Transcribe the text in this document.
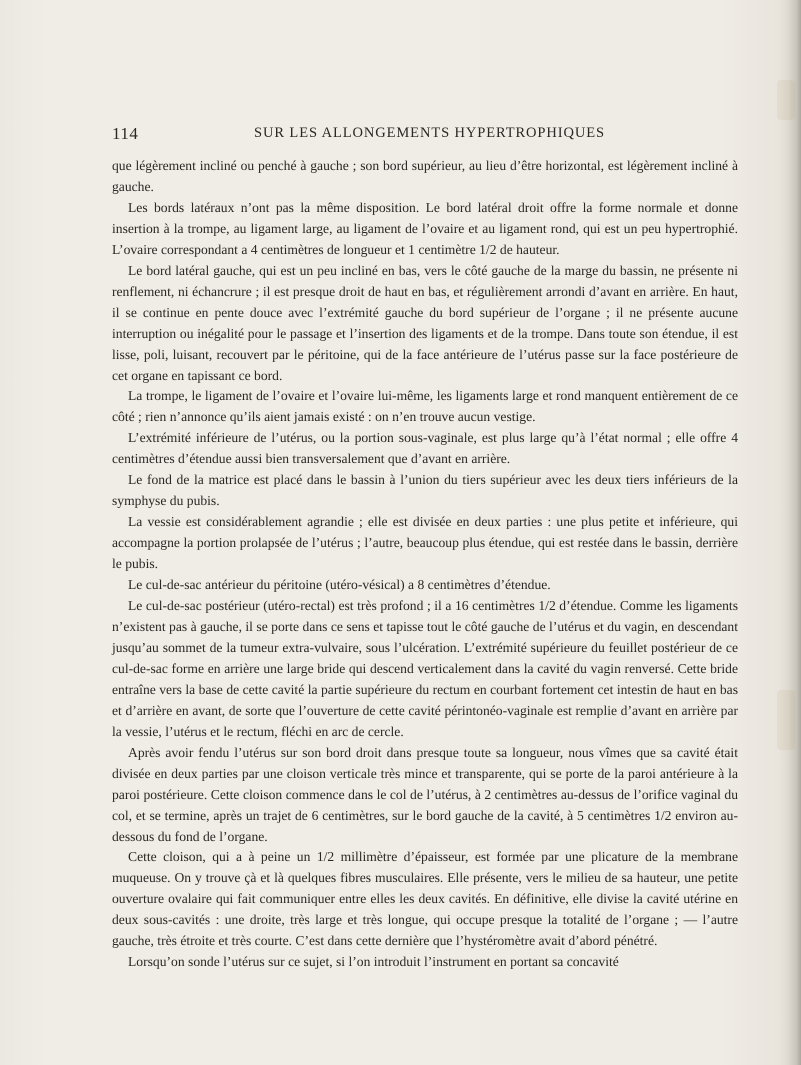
114	SUR LES ALLONGEMENTS HYPERTROPHIQUES

que légèrement incliné ou penché à gauche ; son bord supérieur, au lieu d’être horizontal, est légèrement incliné à gauche.

Les bords latéraux n’ont pas la même disposition. Le bord latéral droit offre la forme normale et donne insertion à la trompe, au ligament large, au ligament de l’ovaire et au ligament rond, qui est un peu hypertrophié. L’ovaire correspondant a 4 centimètres de longueur et 1 centimètre 1/2 de hauteur.

Le bord latéral gauche, qui est un peu incliné en bas, vers le côté gauche de la marge du bassin, ne présente ni renflement, ni échancrure ; il est presque droit de haut en bas, et régulièrement arrondi d’avant en arrière. En haut, il se continue en pente douce avec l’extrémité gauche du bord supérieur de l’organe ; il ne présente aucune interruption ou inégalité pour le passage et l’insertion des ligaments et de la trompe. Dans toute son étendue, il est lisse, poli, luisant, recouvert par le péritoine, qui de la face antérieure de l’utérus passe sur la face postérieure de cet organe en tapissant ce bord.

La trompe, le ligament de l’ovaire et l’ovaire lui-même, les ligaments large et rond manquent entièrement de ce côté ; rien n’annonce qu’ils aient jamais existé : on n’en trouve aucun vestige.

L’extrémité inférieure de l’utérus, ou la portion sous-vaginale, est plus large qu’à l’état normal ; elle offre 4 centimètres d’étendue aussi bien transversalement que d’avant en arrière.

Le fond de la matrice est placé dans le bassin à l’union du tiers supérieur avec les deux tiers inférieurs de la symphyse du pubis.

La vessie est considérablement agrandie ; elle est divisée en deux parties : une plus petite et inférieure, qui accompagne la portion prolapsée de l’utérus ; l’autre, beaucoup plus étendue, qui est restée dans le bassin, derrière le pubis.

Le cul-de-sac antérieur du péritoine (utéro-vésical) a 8 centimètres d’étendue.

Le cul-de-sac postérieur (utéro-rectal) est très profond ; il a 16 centimètres 1/2 d’étendue. Comme les ligaments n’existent pas à gauche, il se porte dans ce sens et tapisse tout le côté gauche de l’utérus et du vagin, en descendant jusqu’au sommet de la tumeur extra-vulvaire, sous l’ulcération. L’extrémité supérieure du feuillet postérieur de ce cul-de-sac forme en arrière une large bride qui descend verticalement dans la cavité du vagin renversé. Cette bride entraîne vers la base de cette cavité la partie supérieure du rectum en courbant fortement cet intestin de haut en bas et d’arrière en avant, de sorte que l’ouverture de cette cavité périntonéo-vaginale est remplie d’avant en arrière par la vessie, l’utérus et le rectum, fléchi en arc de cercle.

Après avoir fendu l’utérus sur son bord droit dans presque toute sa longueur, nous vîmes que sa cavité était divisée en deux parties par une cloison verticale très mince et transparente, qui se porte de la paroi antérieure à la paroi postérieure. Cette cloison commence dans le col de l’utérus, à 2 centimètres au-dessus de l’orifice vaginal du col, et se termine, après un trajet de 6 centimètres, sur le bord gauche de la cavité, à 5 centimètres 1/2 environ au-dessous du fond de l’organe.

Cette cloison, qui a à peine un 1/2 millimètre d’épaisseur, est formée par une plicature de la membrane muqueuse. On y trouve çà et là quelques fibres musculaires. Elle présente, vers le milieu de sa hauteur, une petite ouverture ovalaire qui fait communiquer entre elles les deux cavités. En définitive, elle divise la cavité utérine en deux sous-cavités : une droite, très large et très longue, qui occupe presque la totalité de l’organe ; — l’autre gauche, très étroite et très courte. C’est dans cette dernière que l’hystéromètre avait d’abord pénétré.

Lorsqu’on sonde l’utérus sur ce sujet, si l’on introduit l’instrument en portant sa concavité
